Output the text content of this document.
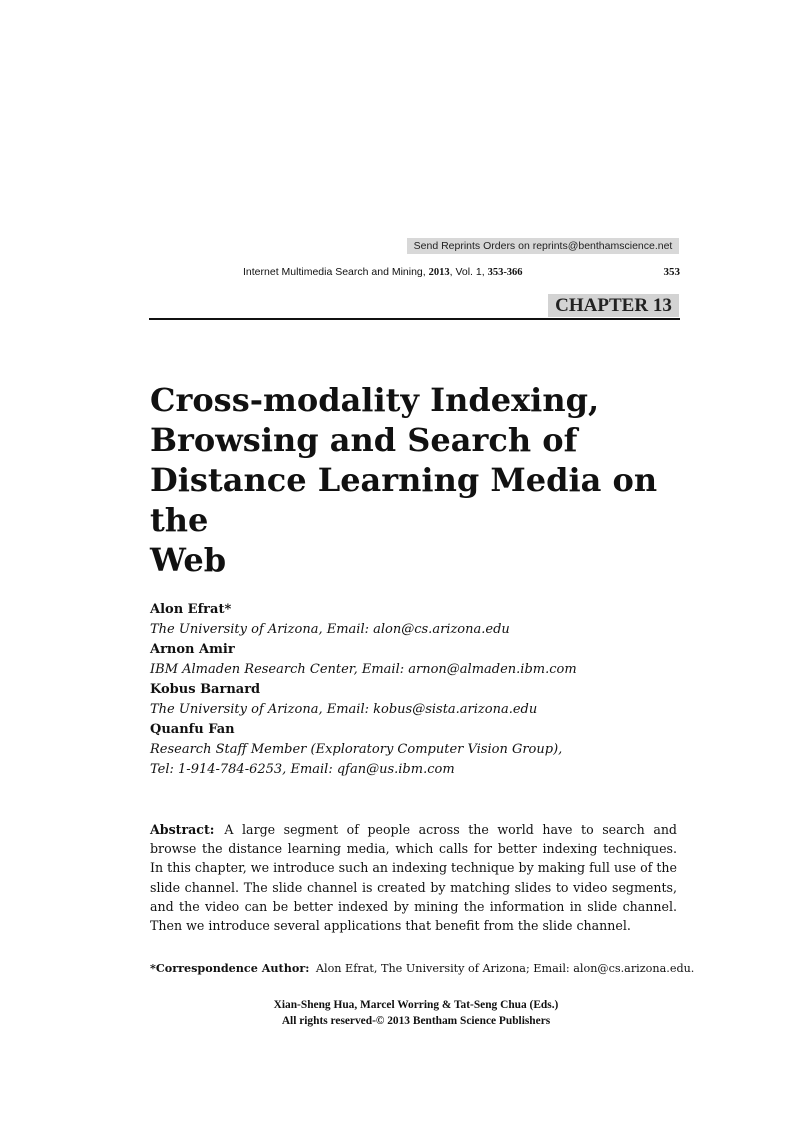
Send Reprints Orders on reprints@benthamscience.net
Internet Multimedia Search and Mining, 2013, Vol. 1, 353-366	353
CHAPTER 13
Cross-modality Indexing,
Browsing and Search of
Distance Learning Media on the
Web
Alon Efrat*
The University of Arizona, Email: alon@cs.arizona.edu
Arnon Amir
IBM Almaden Research Center, Email: arnon@almaden.ibm.com
Kobus Barnard
The University of Arizona, Email: kobus@sista.arizona.edu
Quanfu Fan
Research Staff Member (Exploratory Computer Vision Group),
Tel: 1-914-784-6253, Email: qfan@us.ibm.com
Abstract: A large segment of people across the world have to search and browse the distance learning media, which calls for better indexing techniques. In this chapter, we introduce such an indexing technique by making full use of the slide channel. The slide channel is created by matching slides to video segments, and the video can be better indexed by mining the information in slide channel. Then we introduce several applications that benefit from the slide channel.
*Correspondence Author: Alon Efrat, The University of Arizona; Email: alon@cs.arizona.edu.
Xian-Sheng Hua, Marcel Worring & Tat-Seng Chua (Eds.)
All rights reserved-© 2013 Bentham Science Publishers
